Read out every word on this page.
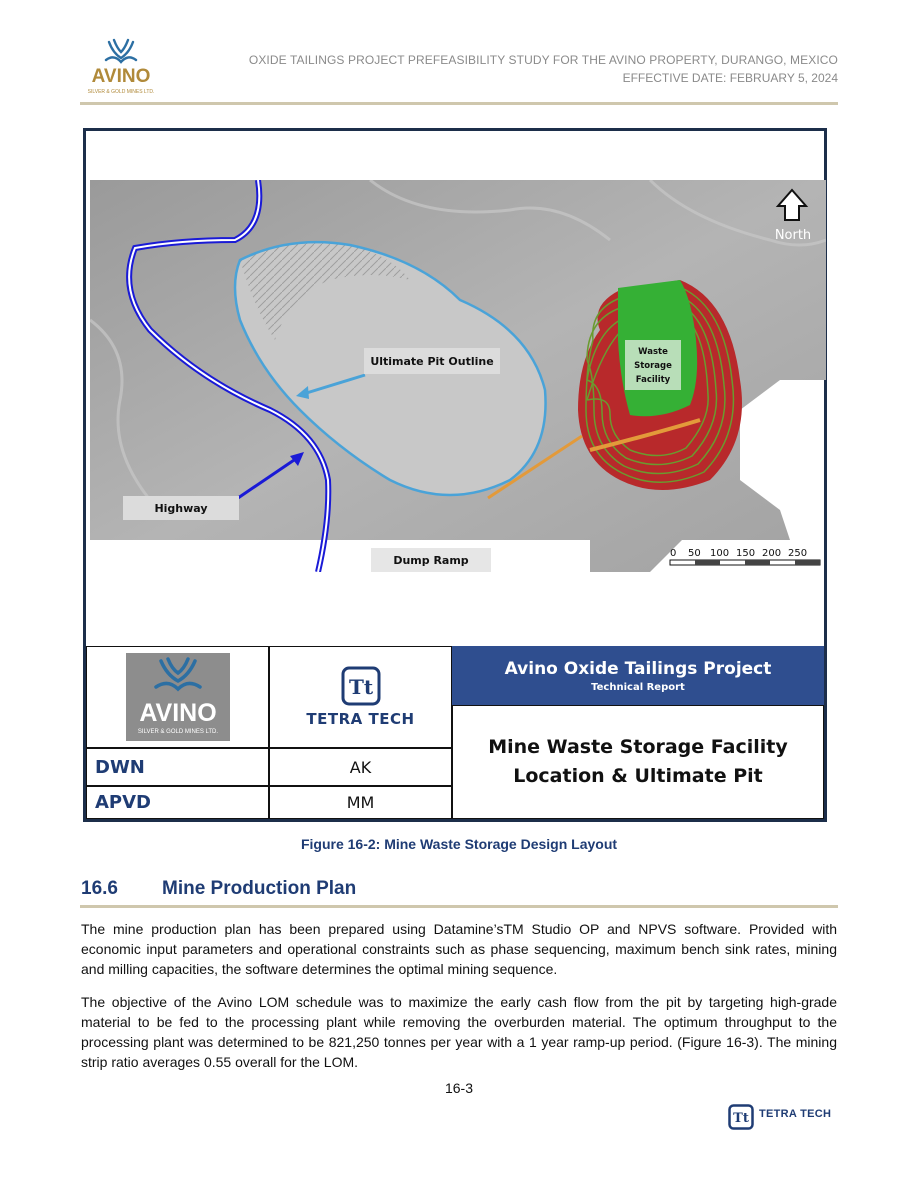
AVINO
SILVER & GOLD MINES LTD.
OXIDE TAILINGS PROJECT PREFEASIBILITY STUDY FOR THE AVINO PROPERTY, DURANGO, MEXICO
EFFECTIVE DATE: FEBRUARY 5, 2024
Ultimate Pit Outline
Highway
Dump Ramp
Waste
Storage
Facility
North
0 50 100 150 200 250
AVINO
SILVER & GOLD MINES LTD.
Tt
TETRA TECH
Avino Oxide Tailings Project
Technical Report
Mine Waste Storage Facility
Location & Ultimate Pit
DWN	AK
APVD	MM
Figure 16-2: Mine Waste Storage Design Layout
16.6 Mine Production Plan
The mine production plan has been prepared using Datamine’sTM Studio OP and NPVS software. Provided with economic input parameters and operational constraints such as phase sequencing, maximum bench sink rates, mining and milling capacities, the software determines the optimal mining sequence.
The objective of the Avino LOM schedule was to maximize the early cash flow from the pit by targeting high-grade material to be fed to the processing plant while removing the overburden material. The optimum throughput to the processing plant was determined to be 821,250 tonnes per year with a 1 year ramp-up period. (Figure 16-3). The mining strip ratio averages 0.55 overall for the LOM.
16-3
Tt TETRA TECH
